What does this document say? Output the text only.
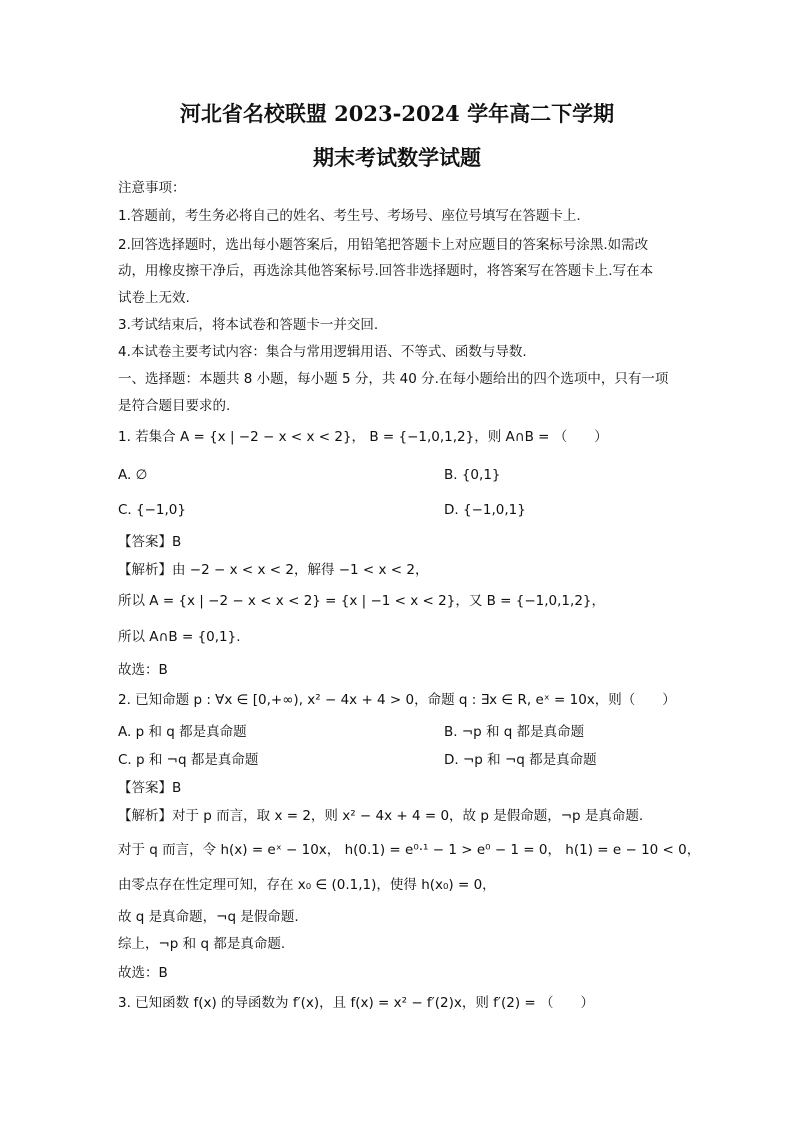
河北省名校联盟 2023-2024 学年高二下学期
期末考试数学试题
注意事项：
1.答题前，考生务必将自己的姓名、考生号、考场号、座位号填写在答题卡上.
2.回答选择题时，选出每小题答案后，用铅笔把答题卡上对应题目的答案标号涂黑.如需改
动，用橡皮擦干净后，再选涂其他答案标号.回答非选择题时，将答案写在答题卡上.写在本
试卷上无效.
3.考试结束后，将本试卷和答题卡一并交回.
4.本试卷主要考试内容：集合与常用逻辑用语、不等式、函数与导数.
一、选择题：本题共 8 小题，每小题 5 分，共 40 分.在每小题给出的四个选项中，只有一项
是符合题目要求的.
1. 若集合 A = {x | −2 − x < x < 2}， B = {−1,0,1,2}，则 A∩B = （　　）
A. ∅	B. {0,1}
C. {−1,0}	D. {−1,0,1}
【答案】B
【解析】由 −2 − x < x < 2，解得 −1 < x < 2，
所以 A = {x | −2 − x < x < 2} = {x | −1 < x < 2}，又 B = {−1,0,1,2}，
所以 A∩B = {0,1}.
故选：B
2. 已知命题 p : ∀x ∈ [0,+∞), x² − 4x + 4 > 0，命题 q : ∃x ∈ R, eˣ = 10x，则（　　）
A. p 和 q 都是真命题	B. ¬p 和 q 都是真命题
C. p 和 ¬q 都是真命题	D. ¬p 和 ¬q 都是真命题
【答案】B
【解析】对于 p 而言，取 x = 2，则 x² − 4x + 4 = 0，故 p 是假命题，¬p 是真命题.
对于 q 而言，令 h(x) = eˣ − 10x， h(0.1) = e⁰·¹ − 1 > e⁰ − 1 = 0， h(1) = e − 10 < 0，
由零点存在性定理可知，存在 x₀ ∈ (0.1,1)，使得 h(x₀) = 0，
故 q 是真命题，¬q 是假命题.
综上，¬p 和 q 都是真命题.
故选：B
3. 已知函数 f(x) 的导函数为 f′(x)，且 f(x) = x² − f′(2)x，则 f′(2) = （　　）
